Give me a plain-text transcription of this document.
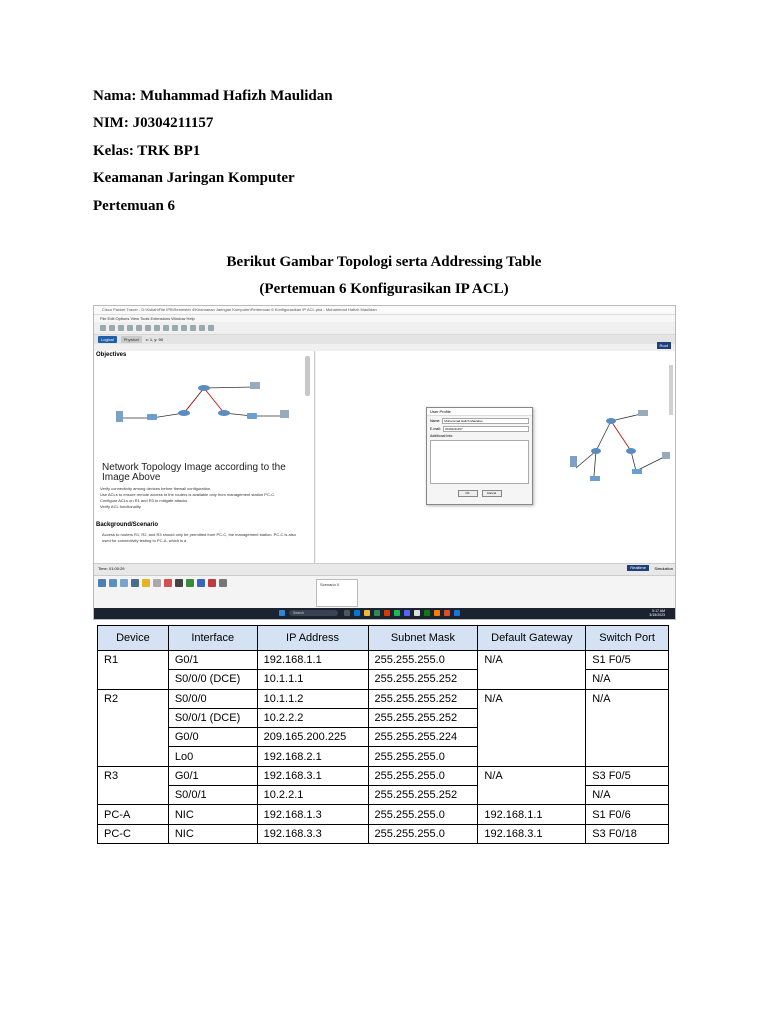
Nama: Muhammad Hafizh Maulidan
NIM: J0304211157
Kelas: TRK BP1
Keamanan Jaringan Komputer
Pertemuan 6
Berikut Gambar Topologi serta Addressing Table
(Pertemuan 6 Konfigurasikan IP ACL)
Cisco Packet Tracer - D:\Kuliah\File IPB\Semester 4\Keamanan Jaringan Komputer\Pertemuan 6 Konfigurasikan IP ACL.pka - Muhammad Hafizh Maulidan
File Edit Options View Tools Extensions Window Help
Logical	Physical	x: 1, y: 90
Root
Objectives
Network Topology Image according to the Image Above
Verify connectivity among devices before firewall configuration.
Use ACLs to ensure remote access to the routers is available only from management station PC-C.
Configure ACLs on R1 and R3 to mitigate attacks.
Verify ACL functionality.
Background/Scenario
Access to routers R1, R2, and R3 should only be permitted from PC-C, the management station. PC-C is also used for connectivity testing to PC-A, which is a
User Profile
Name:	Muhammad Hafizh Maulidan
E-mail:	J0304211157
Additional Info:
OK	Cancel
Time: 01:00:29	Realtime	Simulation
Scenario 0
Search	9:17 AM
3/15/2023
Device	Interface	IP Address	Subnet Mask	Default Gateway	Switch Port
R1	G0/1	192.168.1.1	255.255.255.0	N/A	S1 F0/5
	S0/0/0 (DCE)	10.1.1.1	255.255.255.252		N/A
R2	S0/0/0	10.1.1.2	255.255.255.252	N/A	N/A
	S0/0/1 (DCE)	10.2.2.2	255.255.255.252		
	G0/0	209.165.200.225	255.255.255.224		
	Lo0	192.168.2.1	255.255.255.0		
R3	G0/1	192.168.3.1	255.255.255.0	N/A	S3 F0/5
	S0/0/1	10.2.2.1	255.255.255.252		N/A
PC-A	NIC	192.168.1.3	255.255.255.0	192.168.1.1	S1 F0/6
PC-C	NIC	192.168.3.3	255.255.255.0	192.168.3.1	S3 F0/18
